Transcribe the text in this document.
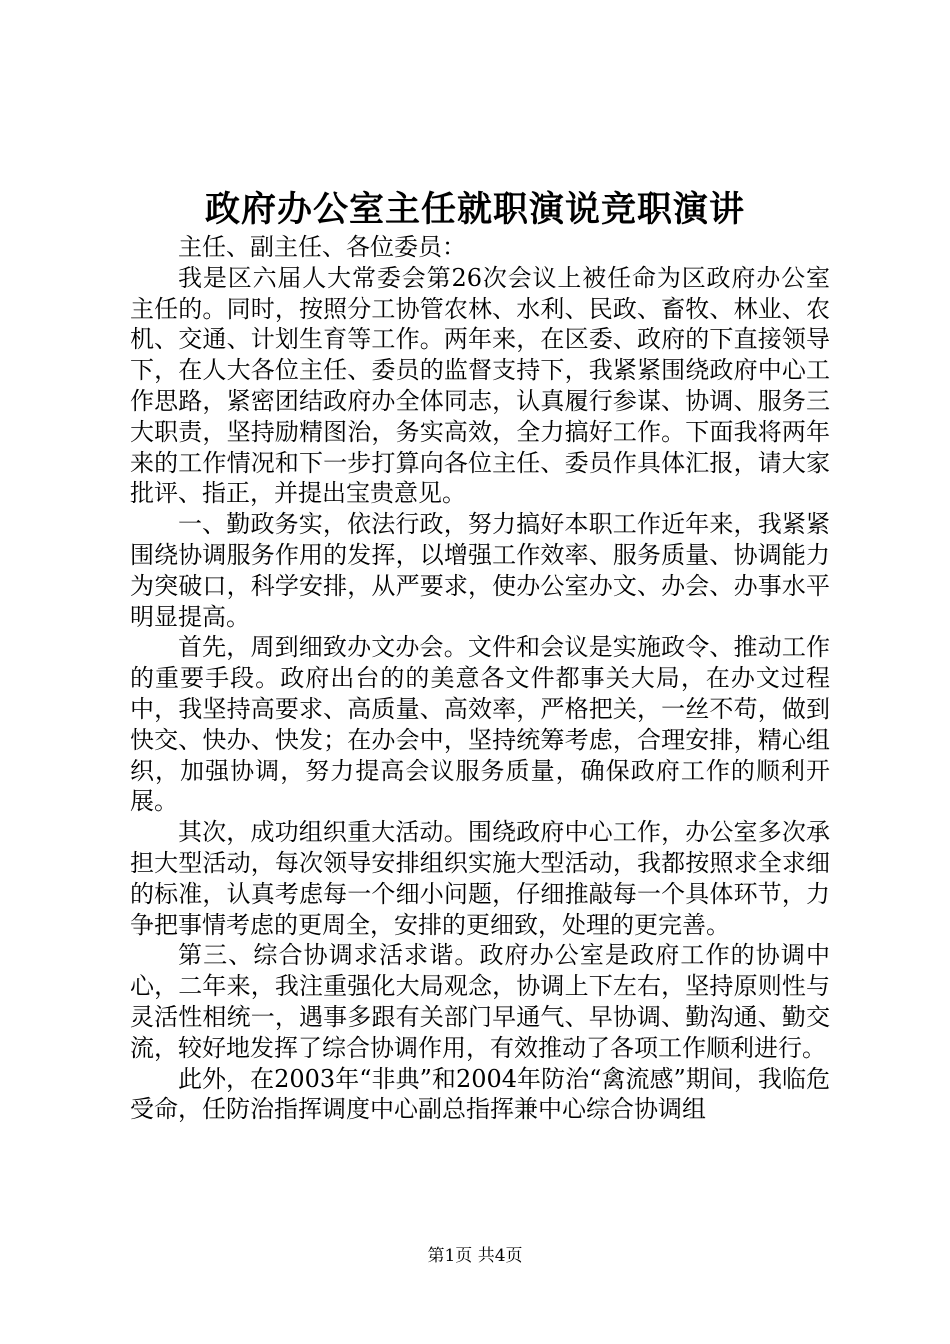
政府办公室主任就职演说竞职演讲

主任、副主任、各位委员：

我是区六届人大常委会第26次会议上被任命为区政府办公室主任的。同时，按照分工协管农林、水利、民政、畜牧、林业、农机、交通、计划生育等工作。两年来，在区委、政府的下直接领导下，在人大各位主任、委员的监督支持下，我紧紧围绕政府中心工作思路，紧密团结政府办全体同志，认真履行参谋、协调、服务三大职责，坚持励精图治，务实高效，全力搞好工作。下面我将两年来的工作情况和下一步打算向各位主任、委员作具体汇报，请大家批评、指正，并提出宝贵意见。

一、勤政务实，依法行政，努力搞好本职工作近年来，我紧紧围绕协调服务作用的发挥，以增强工作效率、服务质量、协调能力为突破口，科学安排，从严要求，使办公室办文、办会、办事水平明显提高。

首先，周到细致办文办会。文件和会议是实施政令、推动工作的重要手段。政府出台的的美意各文件都事关大局，在办文过程中，我坚持高要求、高质量、高效率，严格把关，一丝不苟，做到快交、快办、快发；在办会中，坚持统筹考虑，合理安排，精心组织，加强协调，努力提高会议服务质量，确保政府工作的顺利开展。

其次，成功组织重大活动。围绕政府中心工作，办公室多次承担大型活动，每次领导安排组织实施大型活动，我都按照求全求细的标准，认真考虑每一个细小问题，仔细推敲每一个具体环节，力争把事情考虑的更周全，安排的更细致，处理的更完善。

第三、综合协调求活求谐。政府办公室是政府工作的协调中心，二年来，我注重强化大局观念，协调上下左右，坚持原则性与灵活性相统一，遇事多跟有关部门早通气、早协调、勤沟通、勤交流，较好地发挥了综合协调作用，有效推动了各项工作顺利进行。

此外，在2003年“非典”和2004年防治“禽流感”期间，我临危受命，任防治指挥调度中心副总指挥兼中心综合协调组

第1页 共4页
